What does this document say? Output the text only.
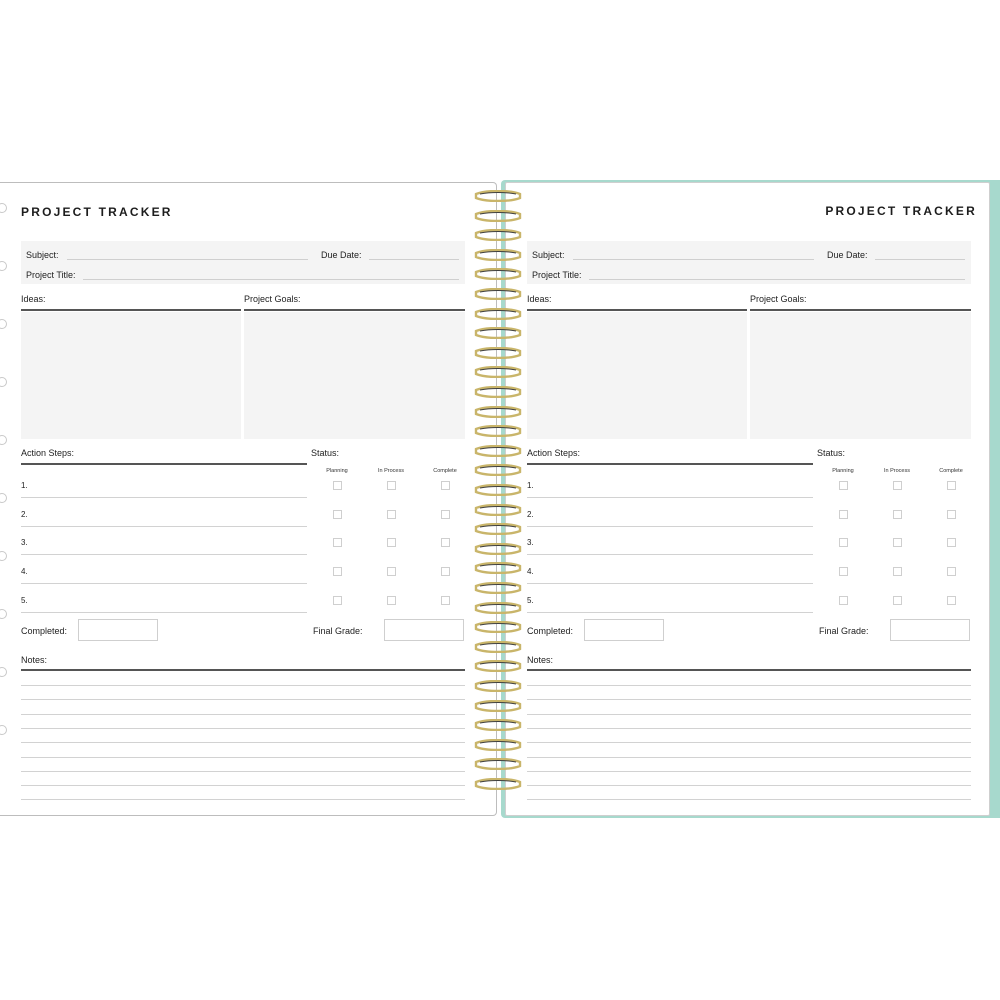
PROJECT TRACKER
Subject:	Due Date:
Project Title:
Ideas:	Project Goals:
Action Steps:	Status:
Planning	In Process	Complete
1.
2.
3.
4.
5.
Completed:	Final Grade:
Notes:
PROJECT TRACKER
Subject:	Due Date:
Project Title:
Ideas:	Project Goals:
Action Steps:	Status:
Planning	In Process	Complete
1.
2.
3.
4.
5.
Completed:	Final Grade:
Notes:
